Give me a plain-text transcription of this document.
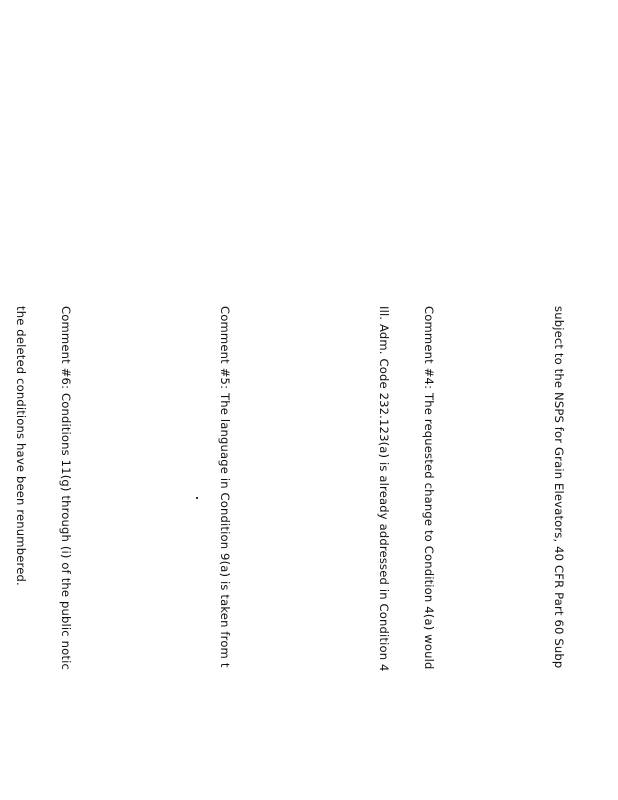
subject to the NSPS for Grain Elevators, 40 CFR Part 60 Subp

Comment #4: The requested change to Condition 4(a) would

Ill. Adm. Code 232.123(a) is already addressed in Condition 4

Comment #5: The language in Condition 9(a) is taken from t

Comment #6: Conditions 11(g) through (i) of the public notic

the deleted conditions have been renumbered.
